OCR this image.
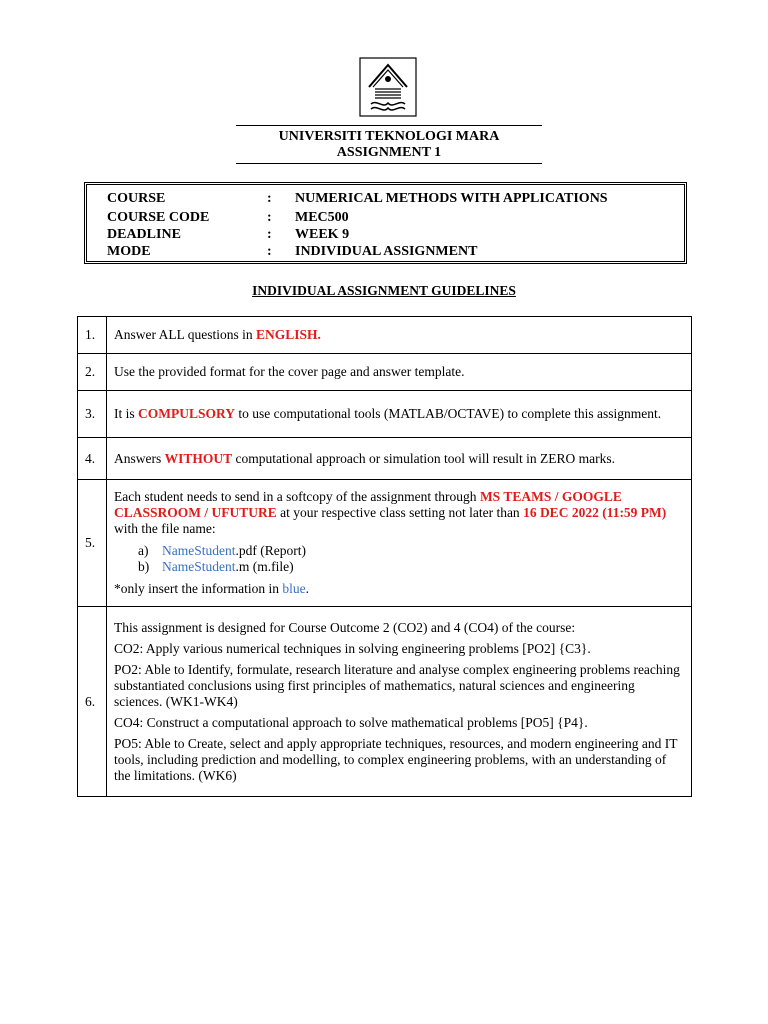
UNIVERSITI TEKNOLOGI MARA
ASSIGNMENT 1
COURSE	: NUMERICAL METHODS WITH APPLICATIONS
COURSE CODE	: MEC500
DEADLINE	: WEEK 9
MODE	: INDIVIDUAL ASSIGNMENT
INDIVIDUAL ASSIGNMENT GUIDELINES
1.	Answer ALL questions in ENGLISH.
2.	Use the provided format for the cover page and answer template.
3.	It is COMPULSORY to use computational tools (MATLAB/OCTAVE) to complete this assignment.
4.	Answers WITHOUT computational approach or simulation tool will result in ZERO marks.
5.	Each student needs to send in a softcopy of the assignment through MS TEAMS / GOOGLE CLASSROOM / UFUTURE at your respective class setting not later than 16 DEC 2022 (11:59 PM) with the file name:

a) NameStudent.pdf (Report)

b) NameStudent.m (m.file)

*only insert the information in blue.

6.	This assignment is designed for Course Outcome 2 (CO2) and 4 (CO4) of the course:

CO2: Apply various numerical techniques in solving engineering problems [PO2] {C3}.

PO2: Able to Identify, formulate, research literature and analyse complex engineering problems reaching substantiated conclusions using first principles of mathematics, natural sciences and engineering sciences. (WK1-WK4)

CO4: Construct a computational approach to solve mathematical problems [PO5] {P4}.

PO5: Able to Create, select and apply appropriate techniques, resources, and modern engineering and IT tools, including prediction and modelling, to complex engineering problems, with an understanding of the limitations. (WK6)
